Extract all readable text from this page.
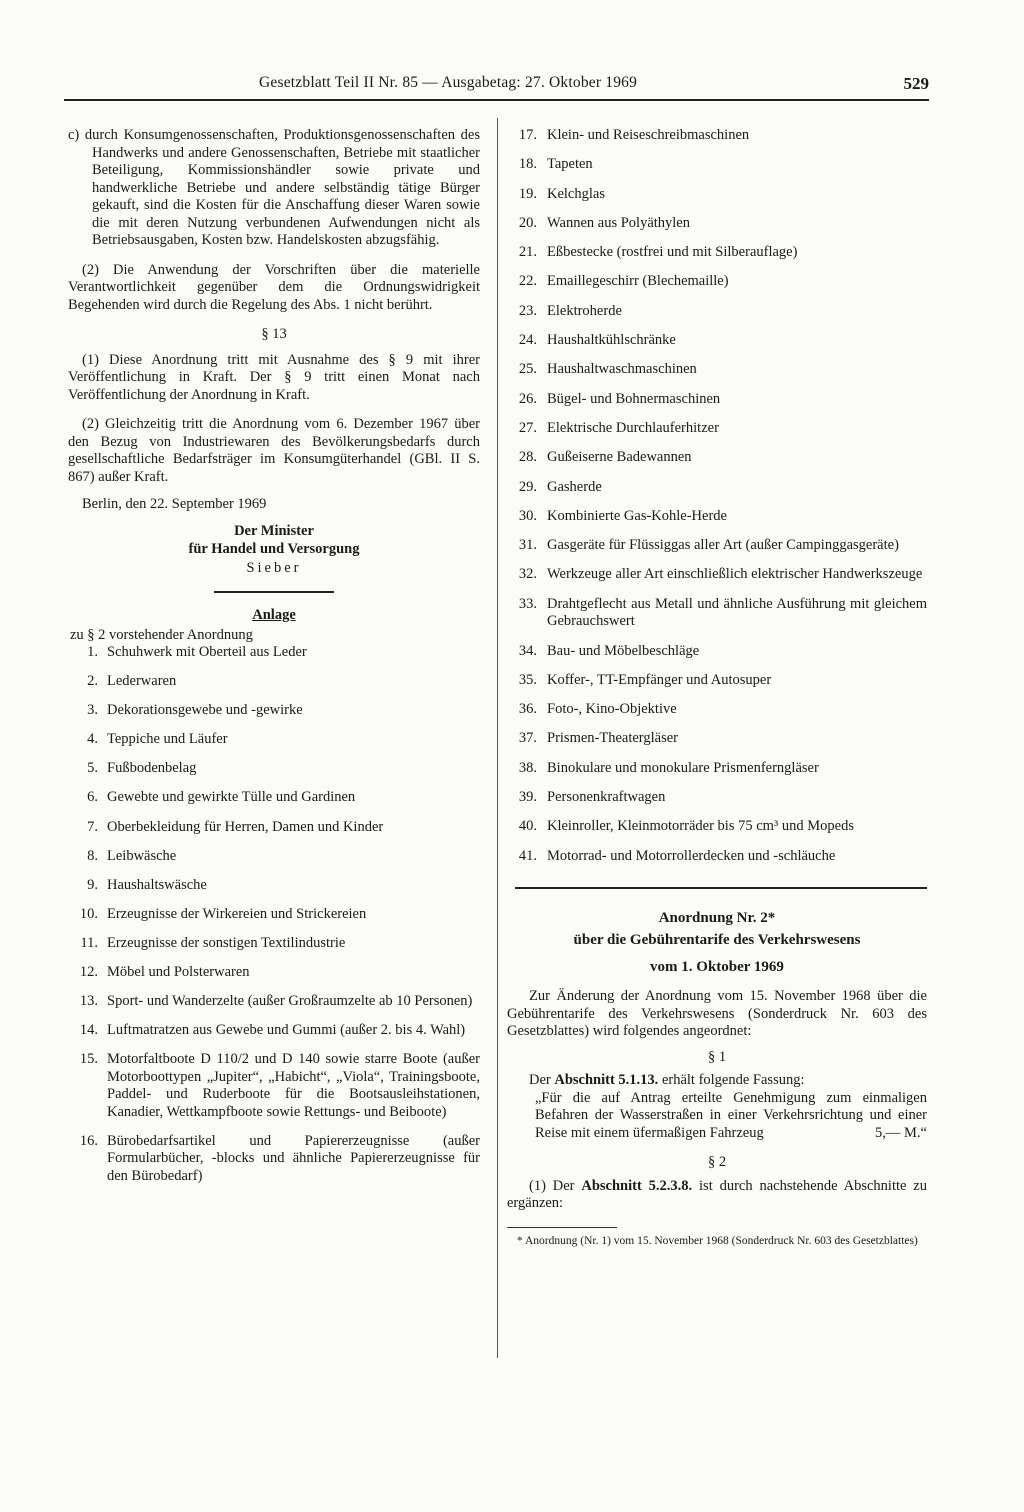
Gesetzblatt Teil II Nr. 85 — Ausgabetag: 27. Oktober 1969	529
c) durch Konsumgenossenschaften, Produktionsgenossenschaften des Handwerks und andere Genossenschaften, Betriebe mit staatlicher Beteiligung, Kommissionshändler sowie private und handwerkliche Betriebe und andere selbständig tätige Bürger gekauft, sind die Kosten für die Anschaffung dieser Waren sowie die mit deren Nutzung verbundenen Aufwendungen nicht als Betriebsausgaben, Kosten bzw. Handelskosten abzugsfähig.
(2) Die Anwendung der Vorschriften über die materielle Verantwortlichkeit gegenüber dem die Ordnungswidrigkeit Begehenden wird durch die Regelung des Abs. 1 nicht berührt.
§ 13
(1) Diese Anordnung tritt mit Ausnahme des § 9 mit ihrer Veröffentlichung in Kraft. Der § 9 tritt einen Monat nach Veröffentlichung der Anordnung in Kraft.
(2) Gleichzeitig tritt die Anordnung vom 6. Dezember 1967 über den Bezug von Industriewaren des Bevölkerungsbedarfs durch gesellschaftliche Bedarfsträger im Konsumgüterhandel (GBl. II S. 867) außer Kraft.
Berlin, den 22. September 1969
Der Minister
für Handel und Versorgung
Sieber
Anlage
zu § 2 vorstehender Anordnung
1. Schuhwerk mit Oberteil aus Leder
2. Lederwaren
3. Dekorationsgewebe und -gewirke
4. Teppiche und Läufer
5. Fußbodenbelag
6. Gewebte und gewirkte Tülle und Gardinen
7. Oberbekleidung für Herren, Damen und Kinder
8. Leibwäsche
9. Haushaltswäsche
10. Erzeugnisse der Wirkereien und Strickereien
11. Erzeugnisse der sonstigen Textilindustrie
12. Möbel und Polsterwaren
13. Sport- und Wanderzelte (außer Großraumzelte ab 10 Personen)
14. Luftmatratzen aus Gewebe und Gummi (außer 2. bis 4. Wahl)
15. Motorfaltboote D 110/2 und D 140 sowie starre Boote (außer Motorboottypen „Jupiter“, „Habicht“, „Viola“, Trainingsboote, Paddel- und Ruderboote für die Bootsausleihstationen, Kanadier, Wettkampfboote sowie Rettungs- und Beiboote)
16. Bürobedarfsartikel und Papiererzeugnisse (außer Formularbücher, -blocks und ähnliche Papiererzeugnisse für den Bürobedarf)
17. Klein- und Reiseschreibmaschinen
18. Tapeten
19. Kelchglas
20. Wannen aus Polyäthylen
21. Eßbestecke (rostfrei und mit Silberauflage)
22. Emaillegeschirr (Blechemaille)
23. Elektroherde
24. Haushaltkühlschränke
25. Haushaltwaschmaschinen
26. Bügel- und Bohnermaschinen
27. Elektrische Durchlauferhitzer
28. Gußeiserne Badewannen
29. Gasherde
30. Kombinierte Gas-Kohle-Herde
31. Gasgeräte für Flüssiggas aller Art (außer Campinggasgeräte)
32. Werkzeuge aller Art einschließlich elektrischer Handwerkszeuge
33. Drahtgeflecht aus Metall und ähnliche Ausführung mit gleichem Gebrauchswert
34. Bau- und Möbelbeschläge
35. Koffer-, TT-Empfänger und Autosuper
36. Foto-, Kino-Objektive
37. Prismen-Theatergläser
38. Binokulare und monokulare Prismenferngläser
39. Personenkraftwagen
40. Kleinroller, Kleinmotorräder bis 75 cm³ und Mopeds
41. Motorrad- und Motorrollerdecken und -schläuche
Anordnung Nr. 2*
über die Gebührentarife des Verkehrswesens
vom 1. Oktober 1969
Zur Änderung der Anordnung vom 15. November 1968 über die Gebührentarife des Verkehrswesens (Sonderdruck Nr. 603 des Gesetzblattes) wird folgendes angeordnet:
§ 1
Der Abschnitt 5.1.13. erhält folgende Fassung:
„Für die auf Antrag erteilte Genehmigung zum einmaligen Befahren der Wasserstraßen in einer Verkehrsrichtung und einer Reise mit einem üfermaßigen Fahrzeug	5,— M.“
§ 2
(1) Der Abschnitt 5.2.3.8. ist durch nachstehende Abschnitte zu ergänzen:
* Anordnung (Nr. 1) vom 15. November 1968 (Sonderdruck Nr. 603 des Gesetzblattes)
